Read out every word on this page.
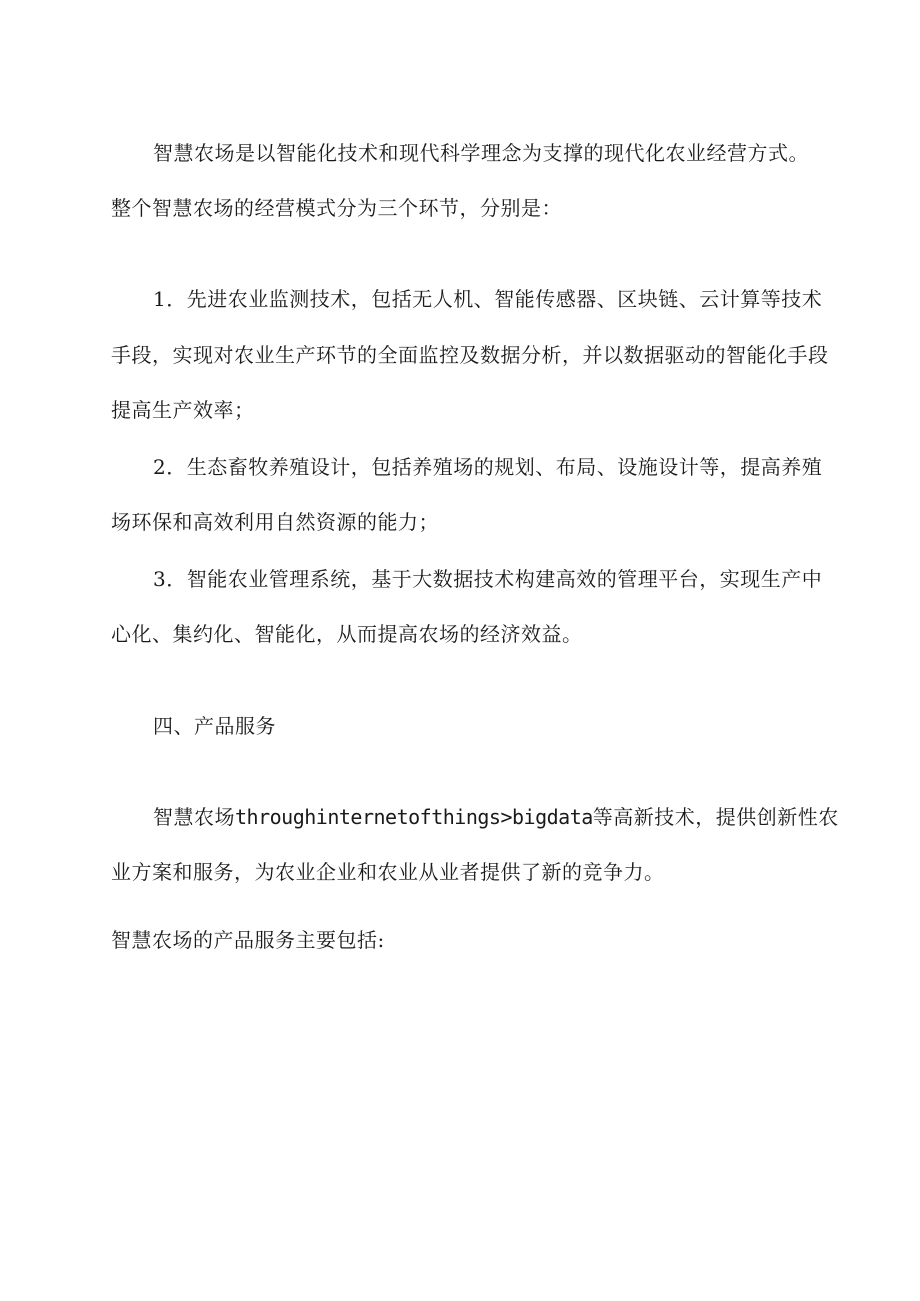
智慧农场是以智能化技术和现代科学理念为支撑的现代化农业经营方式。
整个智慧农场的经营模式分为三个环节，分别是：
1．先进农业监测技术，包括无人机、智能传感器、区块链、云计算等技术
手段，实现对农业生产环节的全面监控及数据分析，并以数据驱动的智能化手段
提高生产效率；
2．生态畜牧养殖设计，包括养殖场的规划、布局、设施设计等，提高养殖
场环保和高效利用自然资源的能力；
3．智能农业管理系统，基于大数据技术构建高效的管理平台，实现生产中
心化、集约化、智能化，从而提高农场的经济效益。
四、产品服务
智慧农场throughinternetofthings>bigdata等高新技术，提供创新性农
业方案和服务，为农业企业和农业从业者提供了新的竞争力。
智慧农场的产品服务主要包括:
